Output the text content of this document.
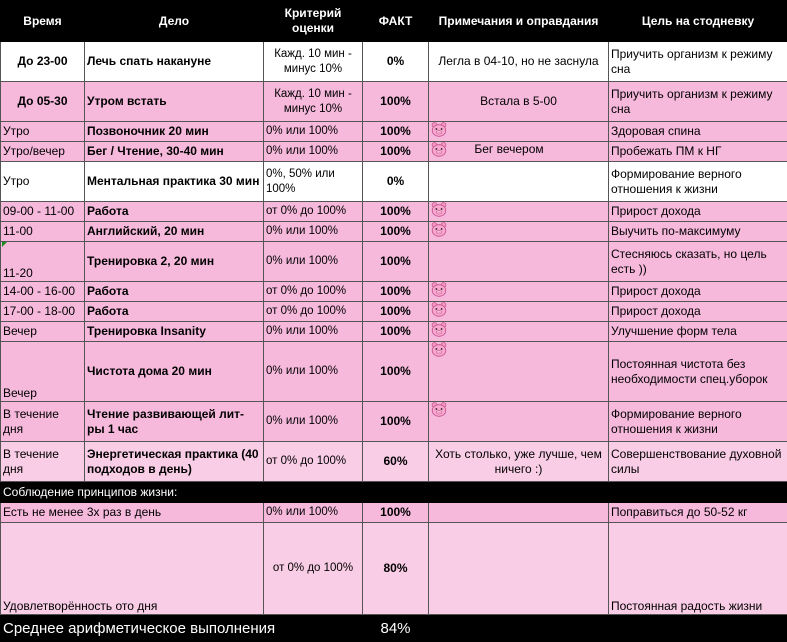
Время	Дело	Критерий оценки	ФАКТ	Примечания и оправдания	Цель на стодневку
До 23-00	Лечь спать накануне	Кажд. 10 мин - минус 10%	0%	Легла в 04-10, но не заснула	Приучить организм к режиму сна
До 05-30	Утром встать	Кажд. 10 мин - минус 10%	100%	Встала в 5-00	Приучить организм к режиму сна
Утро	Позвоночник 20 мин	0% или 100%	100%		Здоровая спина
Утро/вечер	Бег / Чтение, 30-40 мин	0% или 100%	100%	Бег вечером	Пробежать ПМ к НГ
Утро	Ментальная практика 30 мин	0%, 50% или 100%	0%		Формирование верного отношения к жизни
09-00 - 11-00	Работа	от 0% до 100%	100%		Прирост дохода
11-00	Английский, 20 мин	0% или 100%	100%		Выучить по-максимуму
11-20	Тренировка 2, 20 мин	0% или 100%	100%		Стесняюсь сказать, но цель есть ))
14-00 - 16-00	Работа	от 0% до 100%	100%		Прирост дохода
17-00 - 18-00	Работа	от 0% до 100%	100%		Прирост дохода
Вечер	Тренировка Insanity	0% или 100%	100%		Улучшение форм тела
Вечер	Чистота дома 20 мин	0% или 100%	100%		Постоянная чистота без необходимости спец.уборок
В течение дня	Чтение развивающей лит-ры 1 час	0% или 100%	100%		Формирование верного отношения к жизни
В течение дня	Энергетическая практика (40 подходов в день)	от 0% до 100%	60%	Хоть столько, уже лучше, чем ничего :)	Совершенствование духовной силы
Соблюдение принципов жизни:					
Есть не менее 3х раз в день		0% или 100%	100%		Поправиться до 50-52 кг
Удовлетворённость ото дня		от 0% до 100%	80%		Постоянная радость жизни
Среднее арифметическое выполнения			84%		
